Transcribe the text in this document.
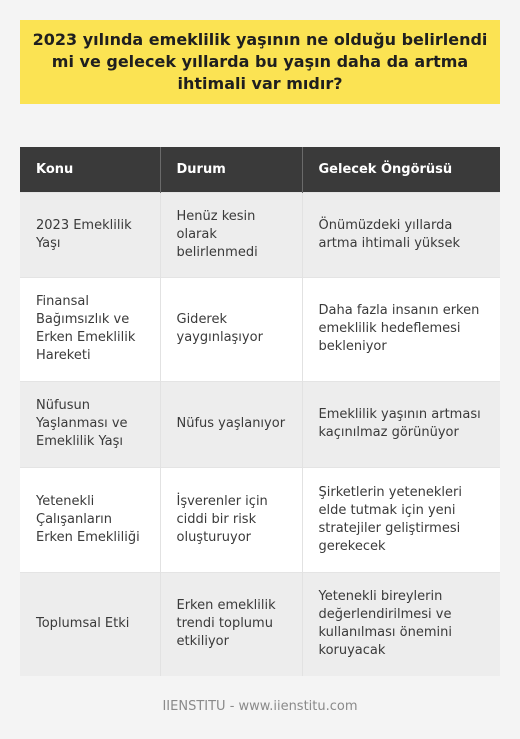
2023 yılında emeklilik yaşının ne olduğu belirlendi mi ve gelecek yıllarda bu yaşın daha da artma ihtimali var mıdır?
Konu	Durum	Gelecek Öngörüsü
2023 Emeklilik Yaşı	Henüz kesin olarak belirlenmedi	Önümüzdeki yıllarda artma ihtimali yüksek
Finansal Bağımsızlık ve Erken Emeklilik Hareketi	Giderek yaygınlaşıyor	Daha fazla insanın erken emeklilik hedeflemesi bekleniyor
Nüfusun Yaşlanması ve Emeklilik Yaşı	Nüfus yaşlanıyor	Emeklilik yaşının artması kaçınılmaz görünüyor
Yetenekli Çalışanların Erken Emekliliği	İşverenler için ciddi bir risk oluşturuyor	Şirketlerin yetenekleri elde tutmak için yeni stratejiler geliştirmesi gerekecek
Toplumsal Etki	Erken emeklilik trendi toplumu etkiliyor	Yetenekli bireylerin değerlendirilmesi ve kullanılması önemini koruyacak
IIENSTITU - www.iienstitu.com
